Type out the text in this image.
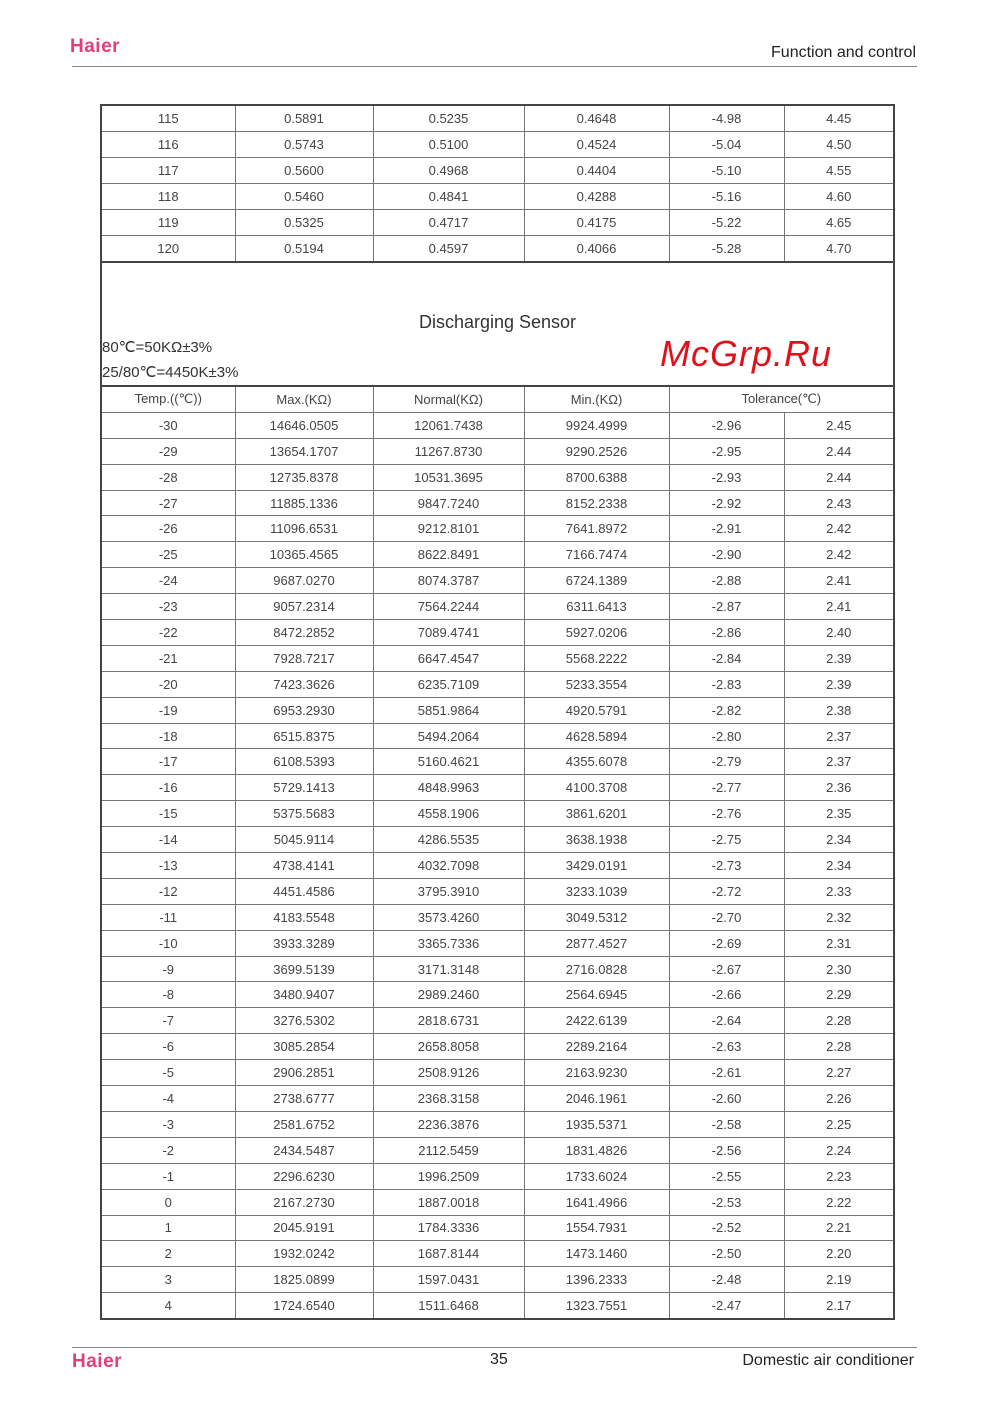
Haier	Function and control
115	0.5891	0.5235	0.4648	-4.98	4.45
116	0.5743	0.5100	0.4524	-5.04	4.50
117	0.5600	0.4968	0.4404	-5.10	4.55
118	0.5460	0.4841	0.4288	-5.16	4.60
119	0.5325	0.4717	0.4175	-5.22	4.65
120	0.5194	0.4597	0.4066	-5.28	4.70
Discharging Sensor
80℃=50KΩ±3%
25/80℃=4450K±3%
Temp.((℃))	Max.(KΩ)	Normal(KΩ)	Min.(KΩ)	Tolerance(℃)	
-30	14646.0505	12061.7438	9924.4999	-2.96	2.45
-29	13654.1707	11267.8730	9290.2526	-2.95	2.44
-28	12735.8378	10531.3695	8700.6388	-2.93	2.44
-27	11885.1336	9847.7240	8152.2338	-2.92	2.43
-26	11096.6531	9212.8101	7641.8972	-2.91	2.42
-25	10365.4565	8622.8491	7166.7474	-2.90	2.42
-24	9687.0270	8074.3787	6724.1389	-2.88	2.41
-23	9057.2314	7564.2244	6311.6413	-2.87	2.41
-22	8472.2852	7089.4741	5927.0206	-2.86	2.40
-21	7928.7217	6647.4547	5568.2222	-2.84	2.39
-20	7423.3626	6235.7109	5233.3554	-2.83	2.39
-19	6953.2930	5851.9864	4920.5791	-2.82	2.38
-18	6515.8375	5494.2064	4628.5894	-2.80	2.37
-17	6108.5393	5160.4621	4355.6078	-2.79	2.37
-16	5729.1413	4848.9963	4100.3708	-2.77	2.36
-15	5375.5683	4558.1906	3861.6201	-2.76	2.35
-14	5045.9114	4286.5535	3638.1938	-2.75	2.34
-13	4738.4141	4032.7098	3429.0191	-2.73	2.34
-12	4451.4586	3795.3910	3233.1039	-2.72	2.33
-11	4183.5548	3573.4260	3049.5312	-2.70	2.32
-10	3933.3289	3365.7336	2877.4527	-2.69	2.31
-9	3699.5139	3171.3148	2716.0828	-2.67	2.30
-8	3480.9407	2989.2460	2564.6945	-2.66	2.29
-7	3276.5302	2818.6731	2422.6139	-2.64	2.28
-6	3085.2854	2658.8058	2289.2164	-2.63	2.28
-5	2906.2851	2508.9126	2163.9230	-2.61	2.27
-4	2738.6777	2368.3158	2046.1961	-2.60	2.26
-3	2581.6752	2236.3876	1935.5371	-2.58	2.25
-2	2434.5487	2112.5459	1831.4826	-2.56	2.24
-1	2296.6230	1996.2509	1733.6024	-2.55	2.23
0	2167.2730	1887.0018	1641.4966	-2.53	2.22
1	2045.9191	1784.3336	1554.7931	-2.52	2.21
2	1932.0242	1687.8144	1473.1460	-2.50	2.20
3	1825.0899	1597.0431	1396.2333	-2.48	2.19
4	1724.6540	1511.6468	1323.7551	-2.47	2.17
McGrp.Ru
Haier	35	Domestic air conditioner
